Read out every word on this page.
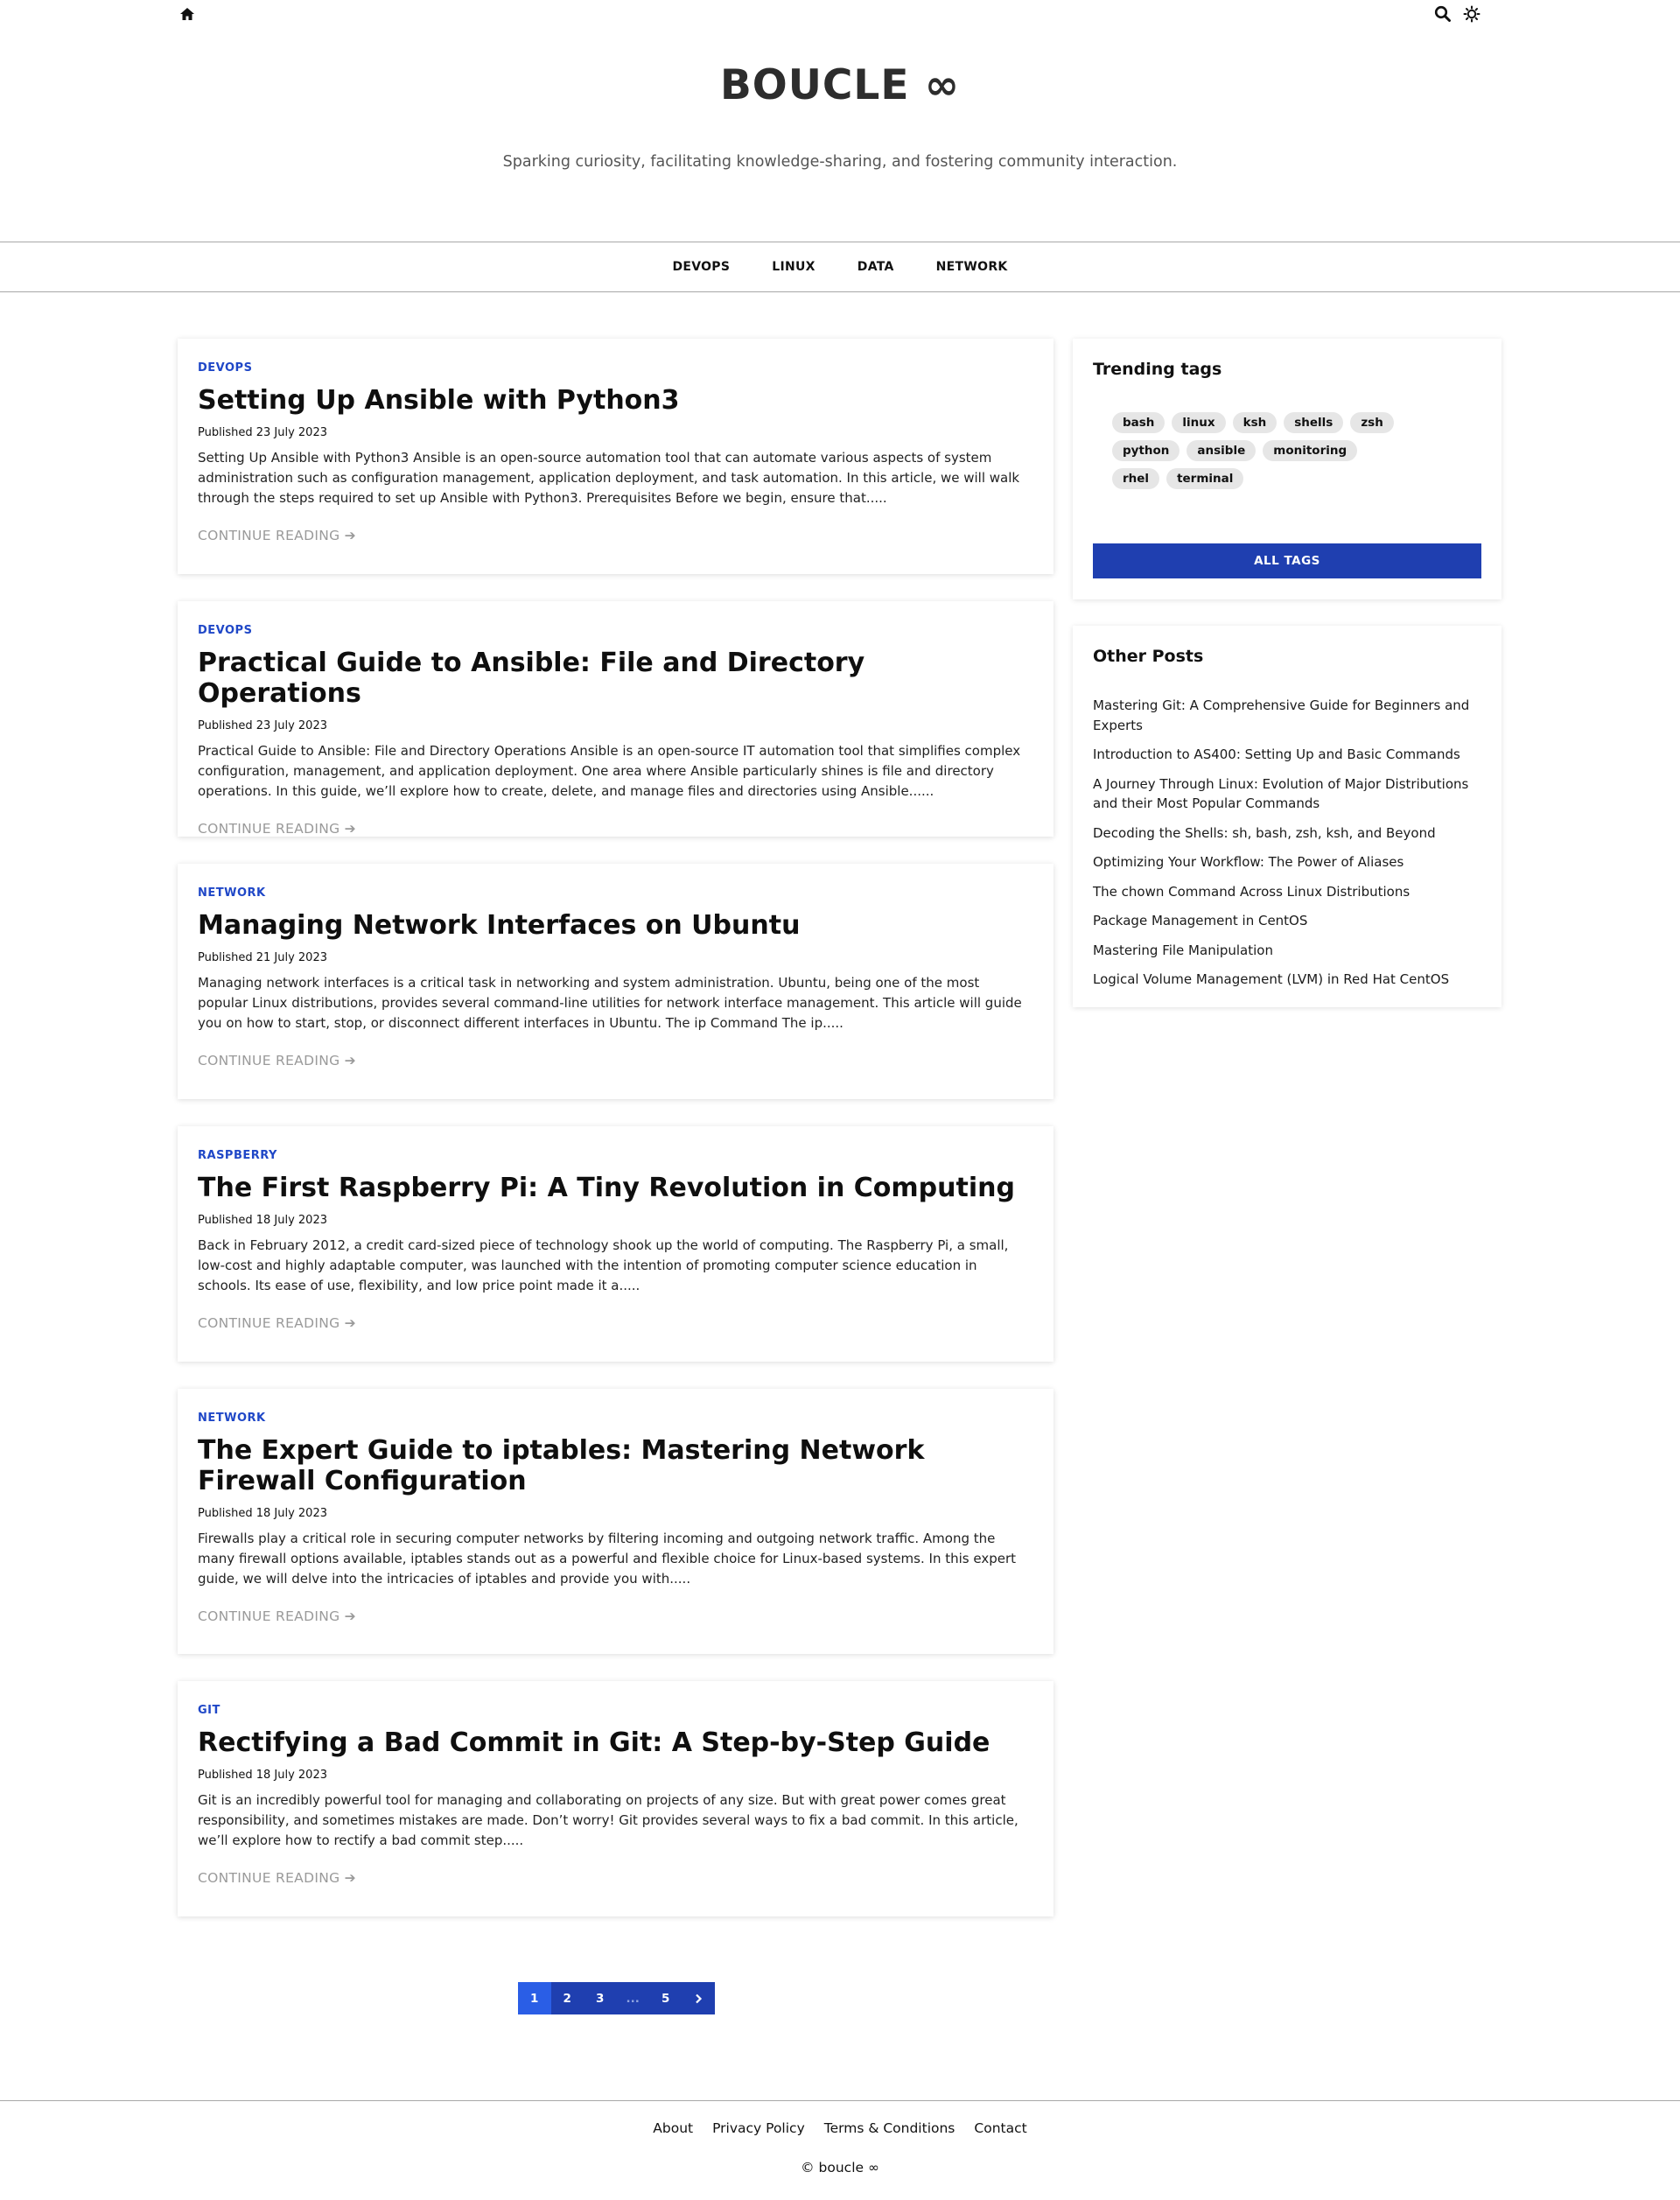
BOUCLE ∞
Sparking curiosity, facilitating knowledge-sharing, and fostering community interaction.
DEVOPS	LINUX	DATA	NETWORK
DEVOPS
Setting Up Ansible with Python3
Published 23 July 2023
Setting Up Ansible with Python3 Ansible is an open-source automation tool that can automate various aspects of system administration such as configuration management, application deployment, and task automation. In this article, we will walk through the steps required to set up Ansible with Python3. Prerequisites Before we begin, ensure that.....
CONTINUE READING ➔
DEVOPS
Practical Guide to Ansible: File and Directory Operations
Published 23 July 2023
Practical Guide to Ansible: File and Directory Operations Ansible is an open-source IT automation tool that simplifies complex configuration, management, and application deployment. One area where Ansible particularly shines is file and directory operations. In this guide, we’ll explore how to create, delete, and manage files and directories using Ansible......
CONTINUE READING ➔
NETWORK
Managing Network Interfaces on Ubuntu
Published 21 July 2023
Managing network interfaces is a critical task in networking and system administration. Ubuntu, being one of the most popular Linux distributions, provides several command-line utilities for network interface management. This article will guide you on how to start, stop, or disconnect different interfaces in Ubuntu. The ip Command The ip.....
CONTINUE READING ➔
RASPBERRY
The First Raspberry Pi: A Tiny Revolution in Computing
Published 18 July 2023
Back in February 2012, a credit card-sized piece of technology shook up the world of computing. The Raspberry Pi, a small, low-cost and highly adaptable computer, was launched with the intention of promoting computer science education in schools. Its ease of use, flexibility, and low price point made it a.....
CONTINUE READING ➔
NETWORK
The Expert Guide to iptables: Mastering Network Firewall Configuration
Published 18 July 2023
Firewalls play a critical role in securing computer networks by filtering incoming and outgoing network traffic. Among the many firewall options available, iptables stands out as a powerful and flexible choice for Linux-based systems. In this expert guide, we will delve into the intricacies of iptables and provide you with.....
CONTINUE READING ➔
GIT
Rectifying a Bad Commit in Git: A Step-by-Step Guide
Published 18 July 2023
Git is an incredibly powerful tool for managing and collaborating on projects of any size. But with great power comes great responsibility, and sometimes mistakes are made. Don’t worry! Git provides several ways to fix a bad commit. In this article, we’ll explore how to rectify a bad commit step.....
CONTINUE READING ➔
Trending tags
bash	linux	ksh	shells	zsh
python	ansible	monitoring
rhel	terminal
ALL TAGS
Other Posts
Mastering Git: A Comprehensive Guide for Beginners and Experts
Introduction to AS400: Setting Up and Basic Commands
A Journey Through Linux: Evolution of Major Distributions and their Most Popular Commands
Decoding the Shells: sh, bash, zsh, ksh, and Beyond
Optimizing Your Workflow: The Power of Aliases
The chown Command Across Linux Distributions
Package Management in CentOS
Mastering File Manipulation
Logical Volume Management (LVM) in Red Hat CentOS
1	2	3	...	5
About Privacy Policy Terms & Conditions Contact
© boucle ∞
